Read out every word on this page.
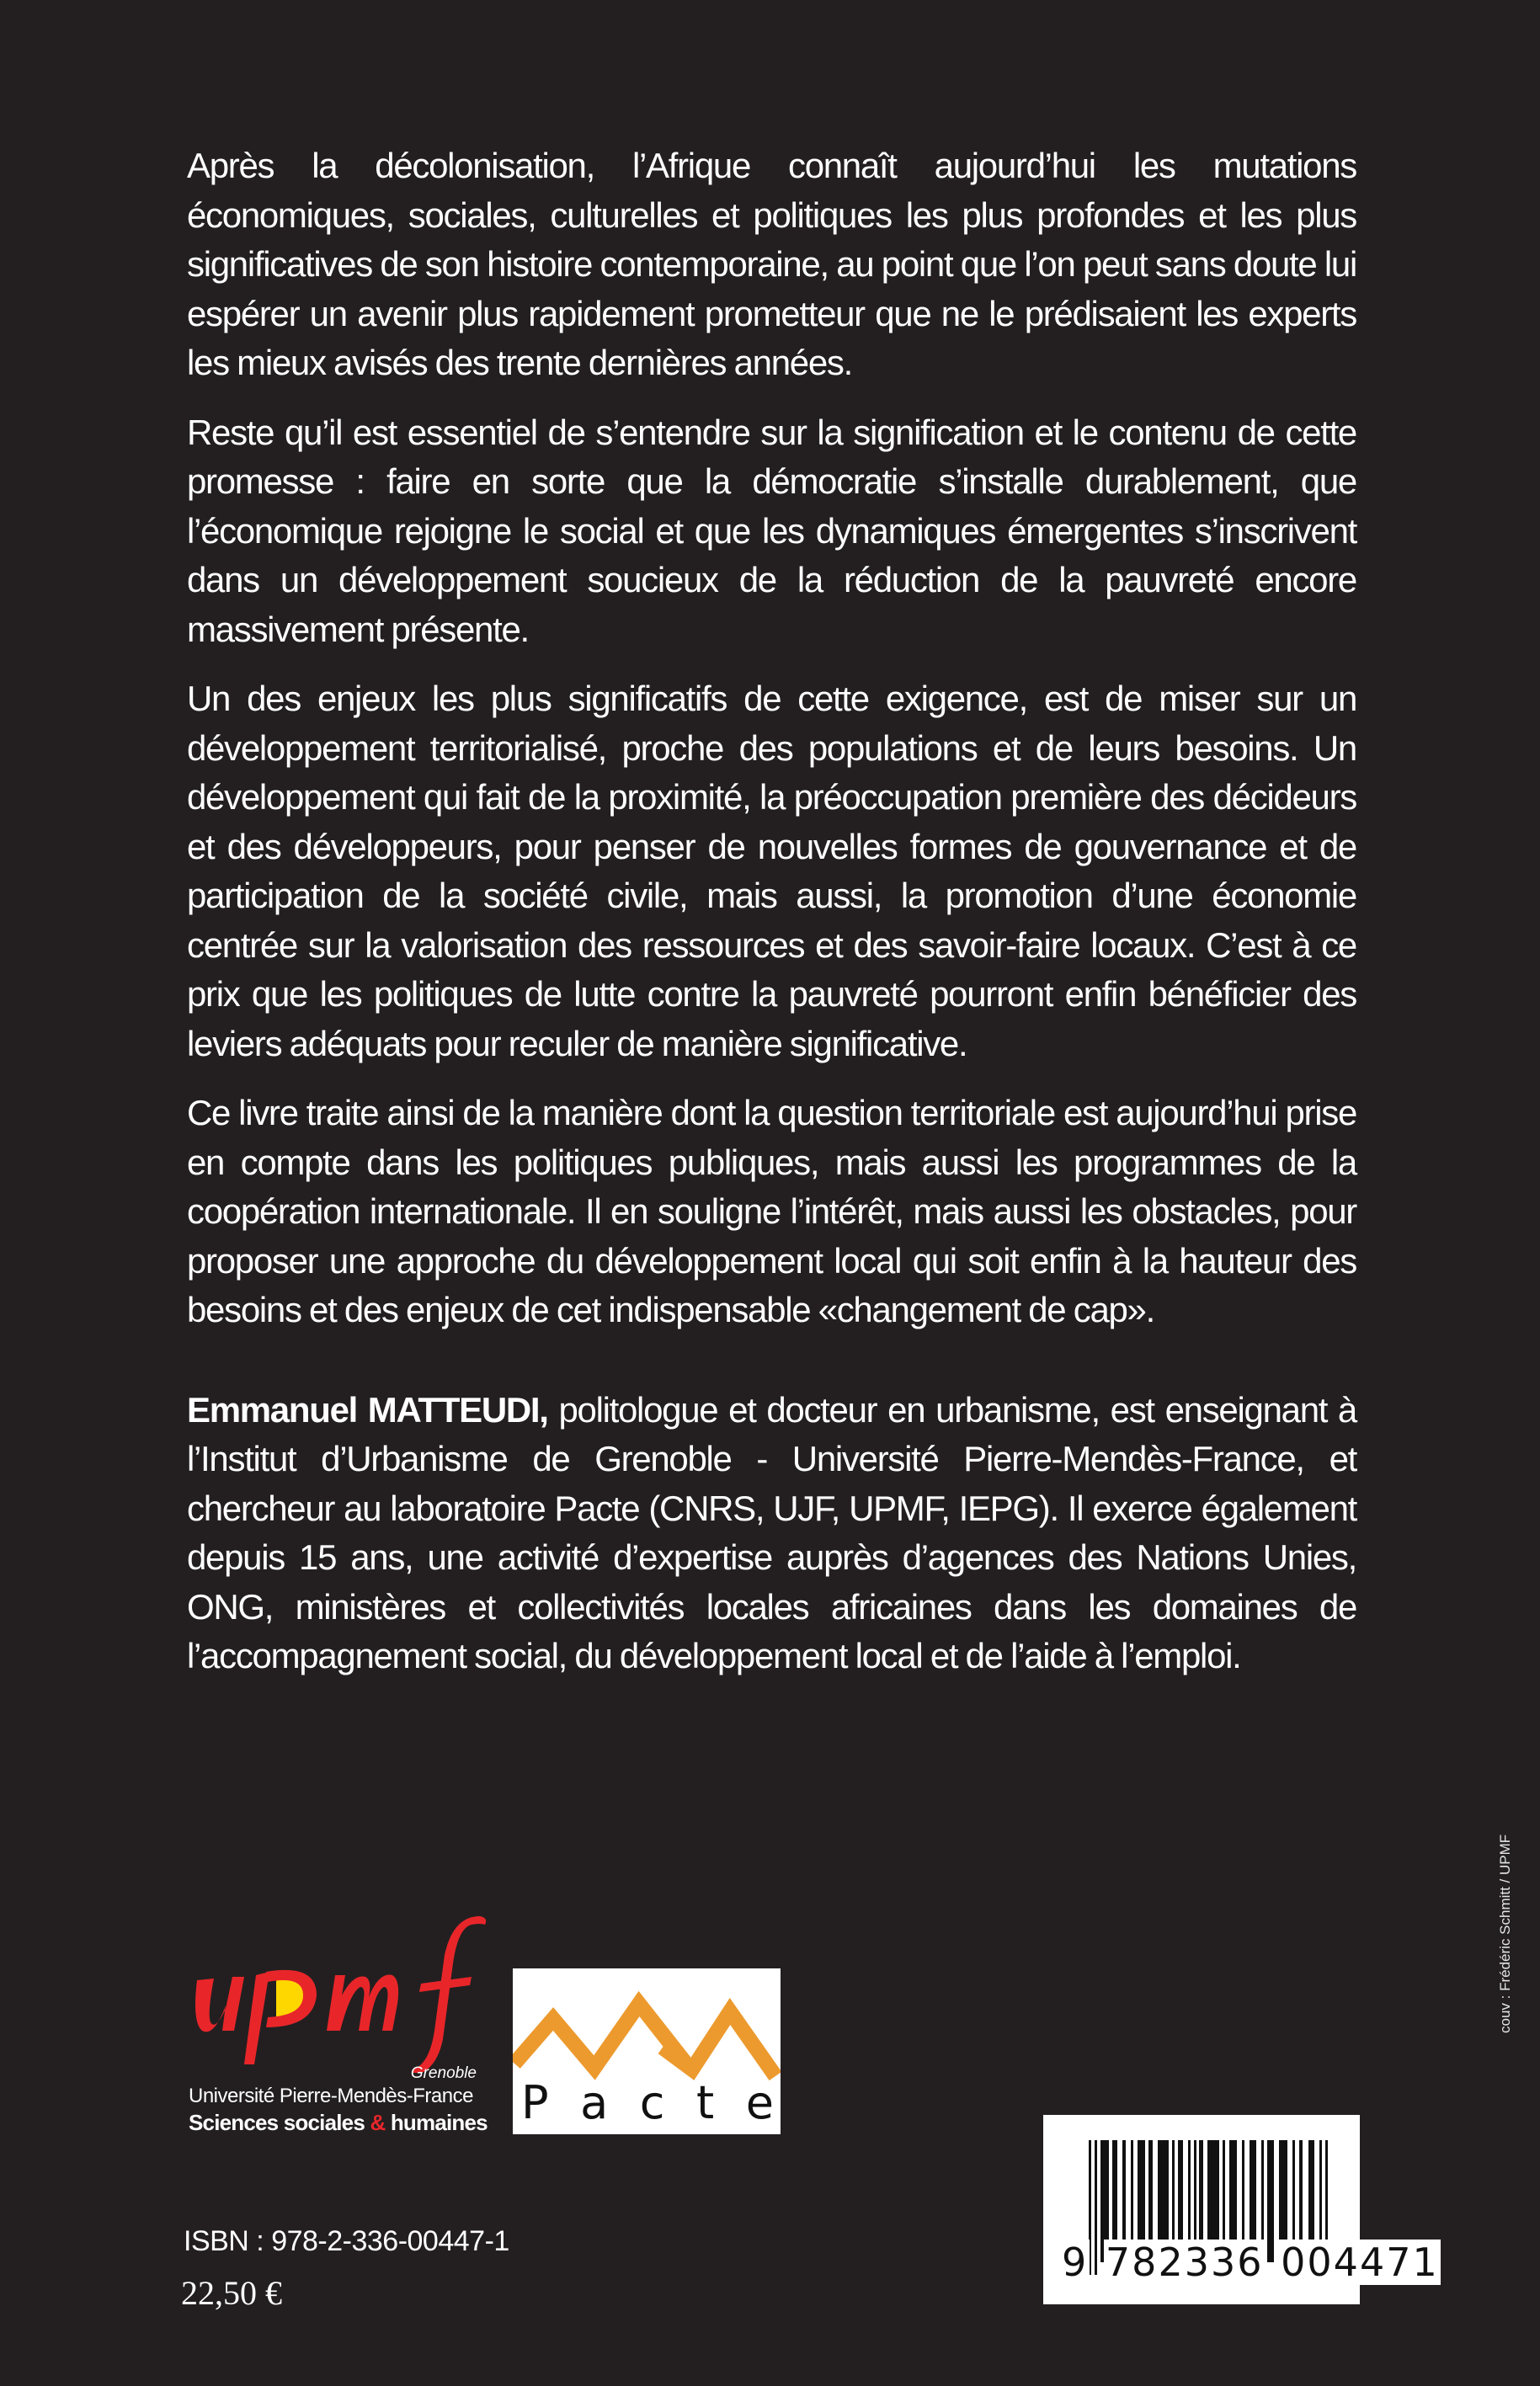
Après la décolonisation, l’Afrique connaît aujourd’hui les mutations économiques, sociales, culturelles et politiques les plus profondes et les plus significatives de son histoire contemporaine, au point que l’on peut sans doute lui espérer un avenir plus rapidement prometteur que ne le prédisaient les experts les mieux avisés des trente dernières années.

Reste qu’il est essentiel de s’entendre sur la signification et le contenu de cette promesse : faire en sorte que la démocratie s’installe durablement, que l’économique rejoigne le social et que les dynamiques émergentes s’inscrivent dans un développement soucieux de la réduction de la pauvreté encore massivement présente.

Un des enjeux les plus significatifs de cette exigence, est de miser sur un développement territorialisé, proche des populations et de leurs besoins. Un développement qui fait de la proximité, la préoccupation première des décideurs et des développeurs, pour penser de nouvelles formes de gouvernance et de participation de la société civile, mais aussi, la promotion d’une économie centrée sur la valorisation des ressources et des savoir-faire locaux. C’est à ce prix que les politiques de lutte contre la pauvreté pourront enfin bénéficier des leviers adéquats pour reculer de manière significative.

Ce livre traite ainsi de la manière dont la question territoriale est aujourd’hui prise en compte dans les politiques publiques, mais aussi les programmes de la coopération internationale. Il en souligne l’intérêt, mais aussi les obstacles, pour proposer une approche du développement local qui soit enfin à la hauteur des besoins et des enjeux de cet indispensable «changement de cap».

Emmanuel MATTEUDI, politologue et docteur en urbanisme, est enseignant à l’Institut d’Urbanisme de Grenoble - Université Pierre-Mendès-France, et chercheur au laboratoire Pacte (CNRS, UJF, UPMF, IEPG). Il exerce également depuis 15 ans, une activité d’expertise auprès d’agences des Nations Unies, ONG, ministères et collectivités locales africaines dans les domaines de l’accompagnement social, du développement local et de l’aide à l’emploi.

Grenoble
Université Pierre-Mendès-France
Sciences sociales & humaines P a c t e
ISBN : 978-2-336-00447-1
22,50 €
9 782336 004471
couv : Frédéric Schmitt / UPMF
